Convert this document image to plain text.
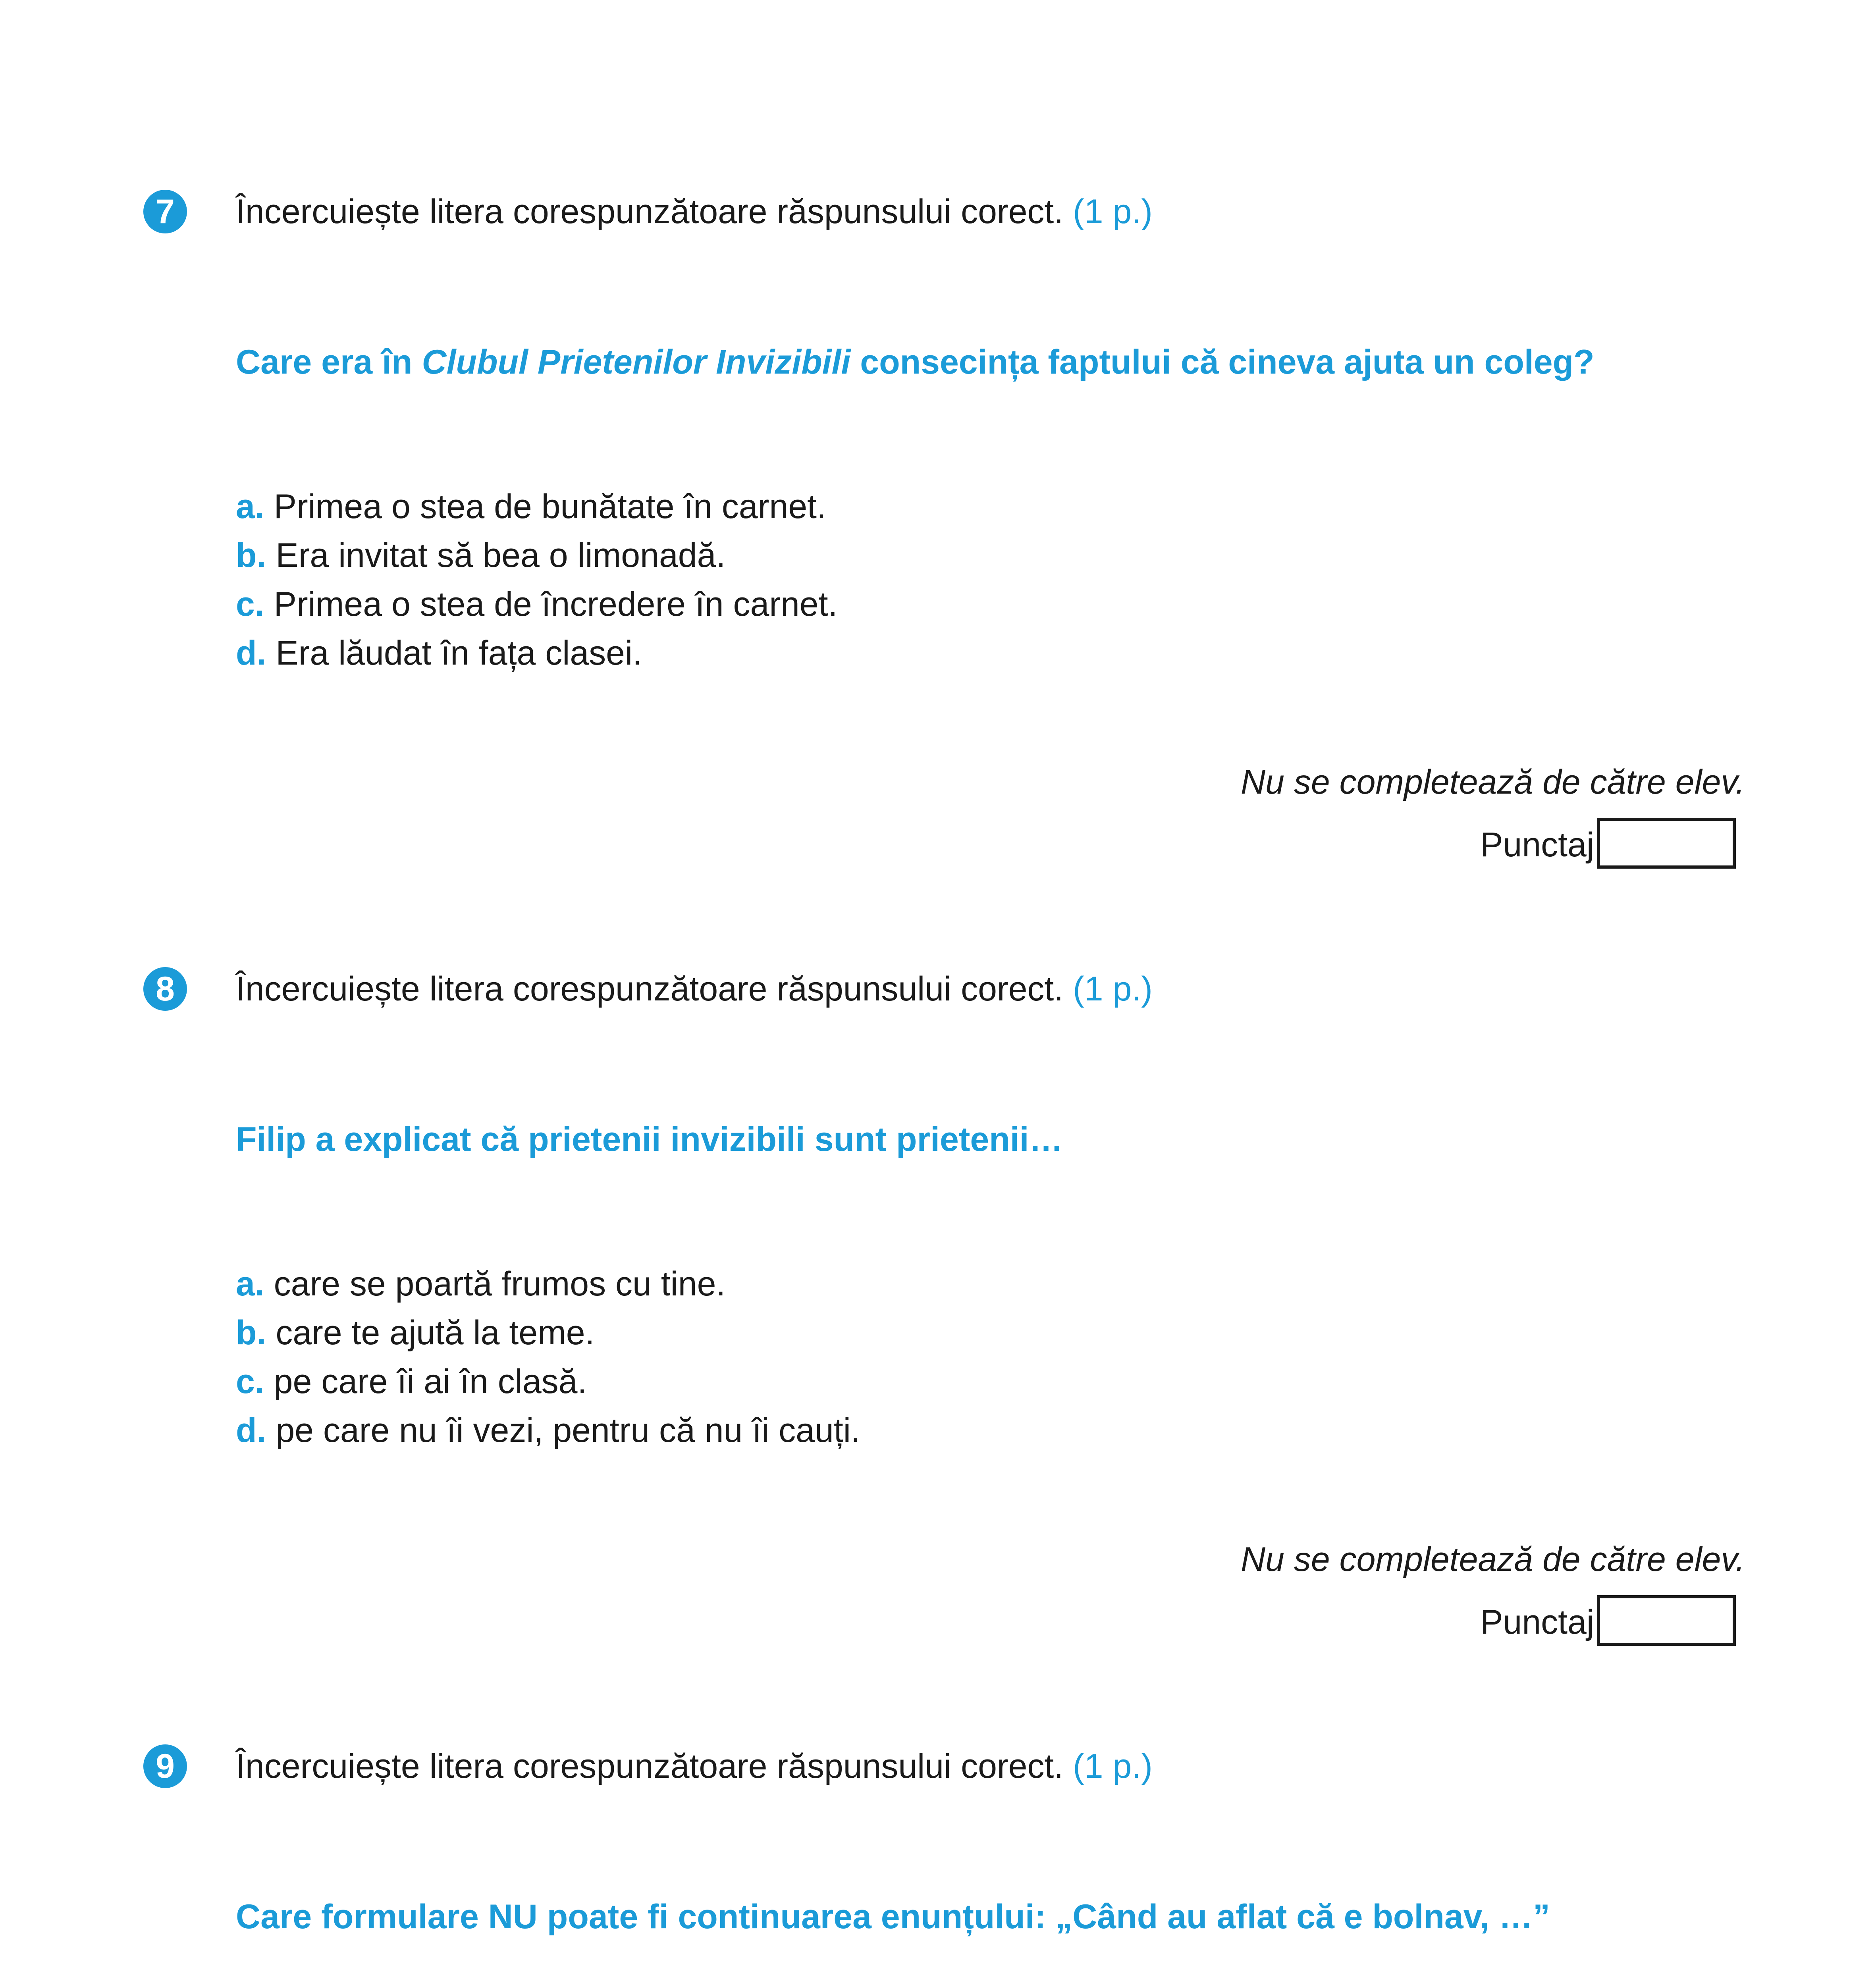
7	Încercuiește litera corespunzătoare răspunsului corect. (1 p.)
Care era în Clubul Prietenilor Invizibili consecința faptului că cineva ajuta un coleg?
a. Primea o stea de bunătate în carnet.
b. Era invitat să bea o limonadă.
c. Primea o stea de încredere în carnet.
d. Era lăudat în fața clasei.
Nu se completează de către elev.
Punctaj
8	Încercuiește litera corespunzătoare răspunsului corect. (1 p.)
Filip a explicat că prietenii invizibili sunt prietenii…
a. care se poartă frumos cu tine.
b. care te ajută la teme.
c. pe care îi ai în clasă.
d. pe care nu îi vezi, pentru că nu îi cauți.
Nu se completează de către elev.
Punctaj
9	Încercuiește litera corespunzătoare răspunsului corect. (1 p.)
Care formulare NU poate fi continuarea enunțului: „Când au aflat că e bolnav, …”
